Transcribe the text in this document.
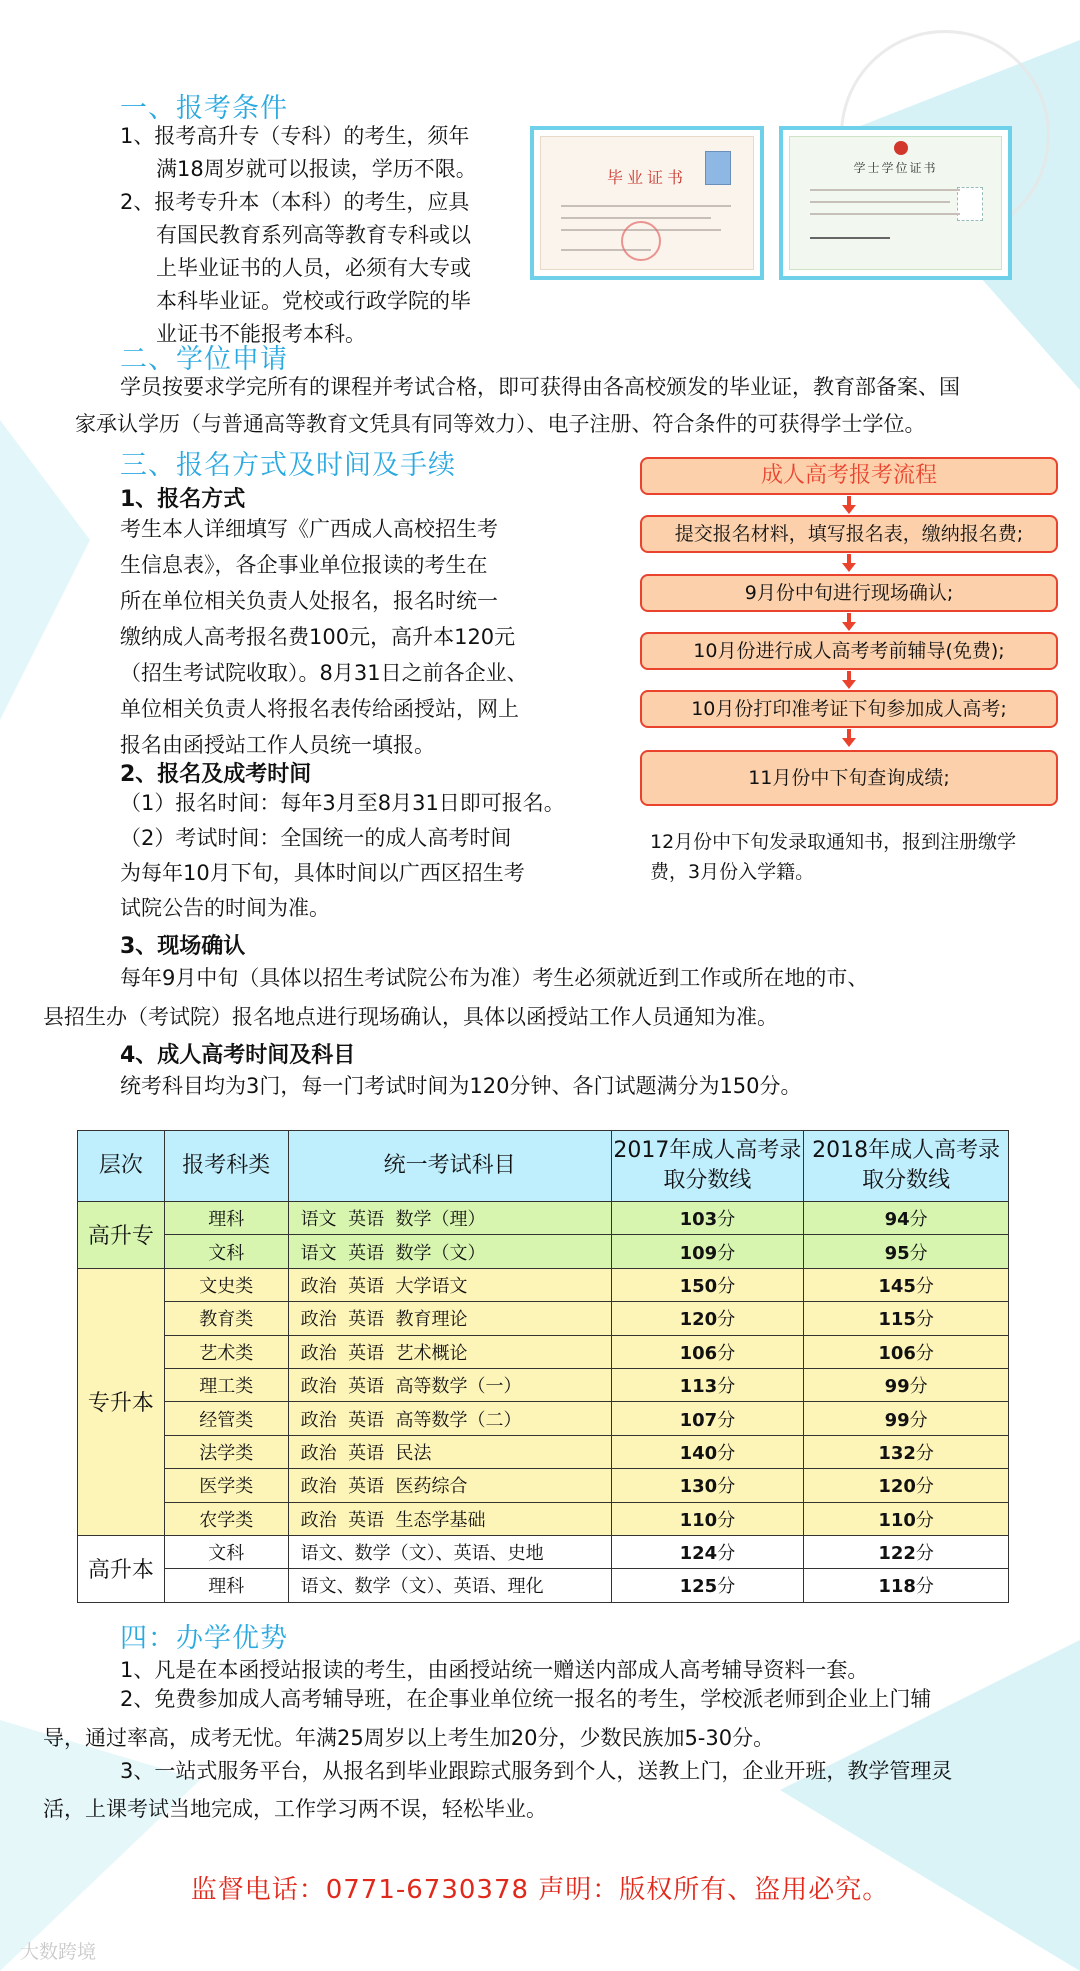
一、报考条件
1、报考高升专（专科）的考生，须年
满18周岁就可以报读，学历不限。
2、报考专升本（本科）的考生，应具
有国民教育系列高等教育专科或以
上毕业证书的人员，必须有大专或
本科毕业证。党校或行政学院的毕
业证书不能报考本科。
毕业证书	学士学位证书
二、学位申请
学员按要求学完所有的课程并考试合格，即可获得由各高校颁发的毕业证，教育部备案、国
家承认学历（与普通高等教育文凭具有同等效力）、电子注册、符合条件的可获得学士学位。
三、报名方式及时间及手续
1、报名方式
考生本人详细填写《广西成人高校招生考
生信息表》，各企事业单位报读的考生在
所在单位相关负责人处报名，报名时统一
缴纳成人高考报名费100元，高升本120元
（招生考试院收取）。8月31日之前各企业、
单位相关负责人将报名表传给函授站，网上
报名由函授站工作人员统一填报。
2、报名及成考时间
（1）报名时间：每年3月至8月31日即可报名。
（2）考试时间：全国统一的成人高考时间
为每年10月下旬，具体时间以广西区招生考
试院公告的时间为准。
3、现场确认
每年9月中旬（具体以招生考试院公布为准）考生必须就近到工作或所在地的市、
县招生办（考试院）报名地点进行现场确认，具体以函授站工作人员通知为准。
4、成人高考时间及科目
统考科目均为3门，每一门考试时间为120分钟、各门试题满分为150分。
成人高考报考流程
提交报名材料，填写报名表，缴纳报名费;
9月份中旬进行现场确认;
10月份进行成人高考考前辅导(免费);
10月份打印准考证下旬参加成人高考;
11月份中下旬查询成绩;
12月份中下旬发录取通知书，报到注册缴学
费，3月份入学籍。
层次	报考科类	统一考试科目	2017年成人高考录取分数线	2018年成人高考录取分数线
高升专	理科	语文  英语  数学（理）	103分	94分
	文科	语文  英语  数学（文）	109分	95分
专升本	文史类	政治  英语  大学语文	150分	145分
	教育类	政治  英语  教育理论	120分	115分
	艺术类	政治  英语  艺术概论	106分	106分
	理工类	政治  英语  高等数学（一）	113分	99分
	经管类	政治  英语  高等数学（二）	107分	99分
	法学类	政治  英语  民法	140分	132分
	医学类	政治  英语  医药综合	130分	120分
	农学类	政治  英语  生态学基础	110分	110分
高升本	文科	语文、数学（文）、英语、史地	124分	122分
	理科	语文、数学（文）、英语、理化	125分	118分
四：办学优势
1、凡是在本函授站报读的考生，由函授站统一赠送内部成人高考辅导资料一套。
2、免费参加成人高考辅导班，在企事业单位统一报名的考生，学校派老师到企业上门辅
导，通过率高，成考无忧。年满25周岁以上考生加20分，少数民族加5-30分。
3、一站式服务平台，从报名到毕业跟踪式服务到个人，送教上门，企业开班，教学管理灵
活，上课考试当地完成，工作学习两不误，轻松毕业。
监督电话：0771-6730378 声明：版权所有、盗用必究。
大数跨境
